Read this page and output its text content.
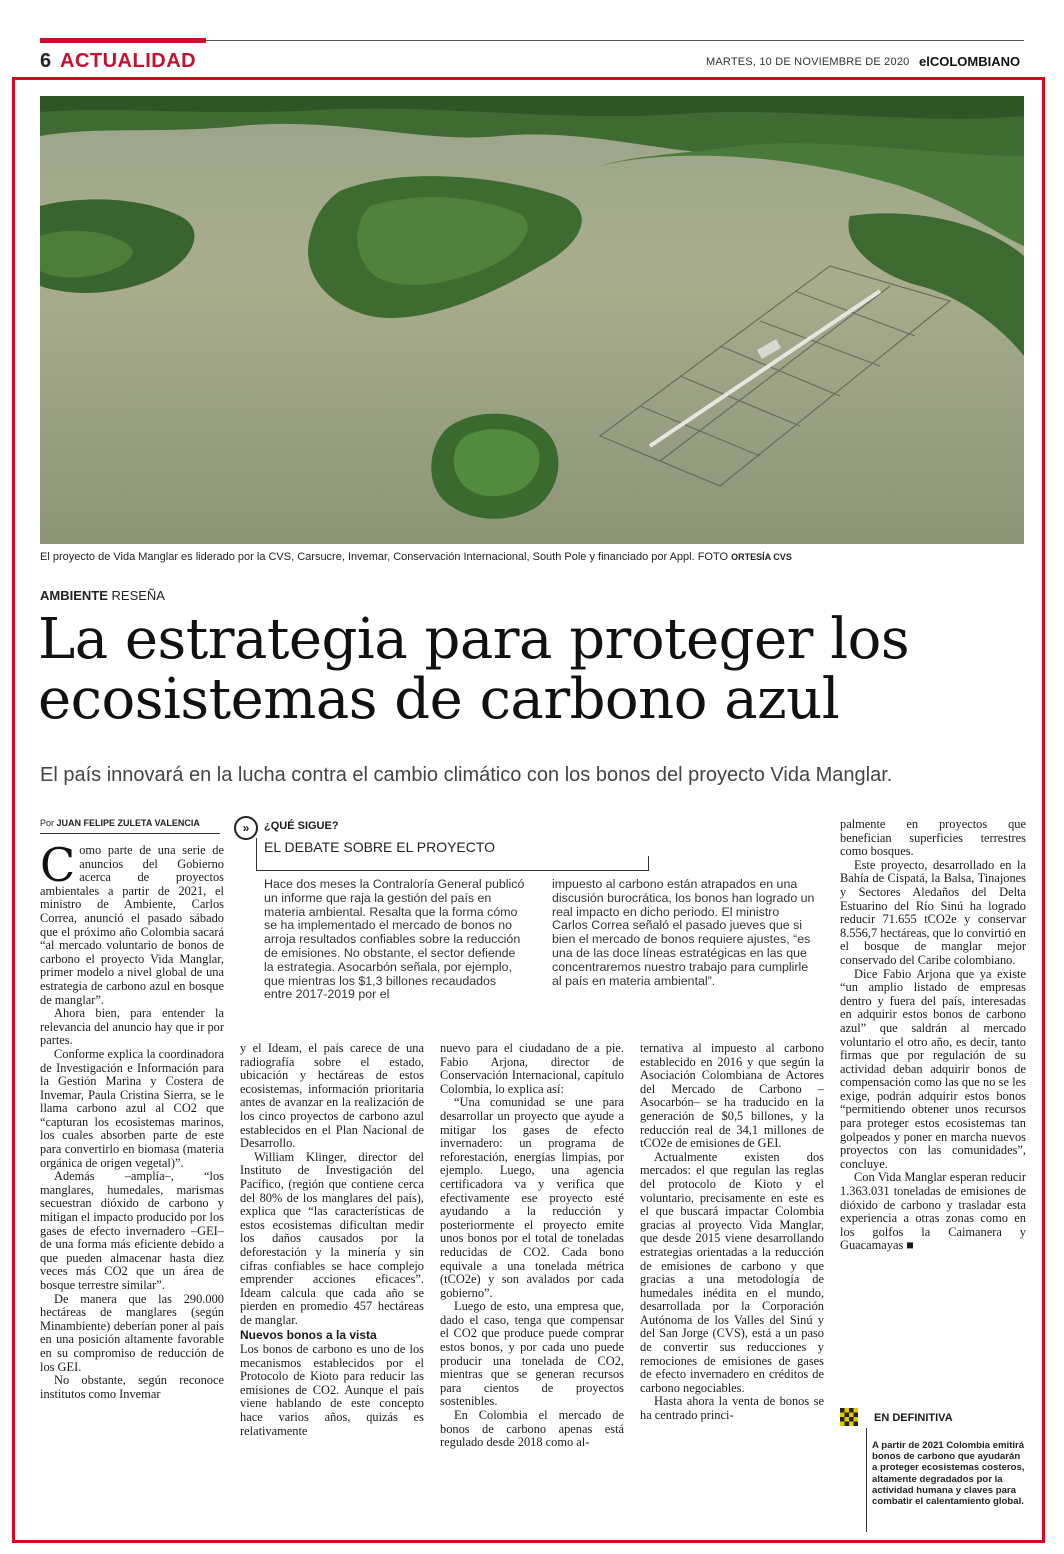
6 ACTUALIDAD	MARTES, 10 DE NOVIEMBRE DE 2020 elCOLOMBIANO
El proyecto de Vida Manglar es liderado por la CVS, Carsucre, Invemar, Conservación Internacional, South Pole y financiado por Appl. FOTO ORTESÍA CVS
AMBIENTE RESEÑA
La estrategia para proteger los ecosistemas de carbono azul
El país innovará en la lucha contra el cambio climático con los bonos del proyecto Vida Manglar.
Por JUAN FELIPE ZULETA VALENCIA

Como parte de una serie de anuncios del Gobierno acerca de proyectos ambientales a partir de 2021, el ministro de Ambiente, Carlos Correa, anunció el pasado sábado que el próximo año Colombia sacará “al mercado voluntario de bonos de carbono el proyecto Vida Manglar, primer modelo a nivel global de una estrategia de carbono azul en bosque de manglar”.

Ahora bien, para entender la relevancia del anuncio hay que ir por partes.

Conforme explica la coordinadora de Investigación e Información para la Gestión Marina y Costera de Invemar, Paula Cristina Sierra, se le llama carbono azul al CO2 que “capturan los ecosistemas marinos, los cuales absorben parte de este para convertirlo en biomasa (materia orgánica de origen vegetal)”.

Además –amplía–, “los manglares, humedales, marismas secuestran dióxido de carbono y mitigan el impacto producido por los gases de efecto invernadero –GEI– de una forma más eficiente debido a que pueden almacenar hasta diez veces más CO2 que un área de bosque terrestre similar”.

De manera que las 290.000 hectáreas de manglares (según Minambiente) deberían poner al país en una posición altamente favorable en su compromiso de reducción de los GEI.

No obstante, según reconoce institutos como Invemar

»	¿QUÉ SIGUE?
EL DEBATE SOBRE EL PROYECTO
Hace dos meses la Contraloría General publicó un informe que raja la gestión del país en materia ambiental. Resalta que la forma cómo se ha implementado el mercado de bonos no arroja resultados confiables sobre la reducción de emisiones. No obstante, el sector defiende la estrategia. Asocarbón señala, por ejemplo, que mientras los $1,3 billones recaudados entre 2017-2019 por el
impuesto al carbono están atrapados en una discusión burocrática, los bonos han logrado un real impacto en dicho periodo. El ministro Carlos Correa señaló el pasado jueves que si bien el mercado de bonos requiere ajustes, “es una de las doce líneas estratégicas en las que concentraremos nuestro trabajo para cumplirle al país en materia ambiental”.

y el Ideam, el país carece de una radiografía sobre el estado, ubicación y hectáreas de estos ecosistemas, información prioritaria antes de avanzar en la realización de los cinco proyectos de carbono azul establecidos en el Plan Nacional de Desarrollo.

William Klinger, director del Instituto de Investigación del Pacífico, (región que contiene cerca del 80% de los manglares del país), explica que “las características de estos ecosistemas dificultan medir los daños causados por la deforestación y la minería y sin cifras confiables se hace complejo emprender acciones eficaces”. Ideam calcula que cada año se pierden en promedio 457 hectáreas de manglar.

Nuevos bonos a la vista

Los bonos de carbono es uno de los mecanismos establecidos por el Protocolo de Kioto para reducir las emisiones de CO2. Aunque el país viene hablando de este concepto hace varios años, quizás es relativamente

nuevo para el ciudadano de a pie. Fabio Arjona, director de Conservación Internacional, capítulo Colombia, lo explica así:

“Una comunidad se une para desarrollar un proyecto que ayude a mitigar los gases de efecto invernadero: un programa de reforestación, energías limpias, por ejemplo. Luego, una agencia certificadora va y verifica que efectivamente ese proyecto esté ayudando a la reducción y posteriormente el proyecto emite unos bonos por el total de toneladas reducidas de CO2. Cada bono equivale a una tonelada métrica (tCO2e) y son avalados por cada gobierno”.

Luego de esto, una empresa que, dado el caso, tenga que compensar el CO2 que produce puede comprar estos bonos, y por cada uno puede producir una tonelada de CO2, mientras que se generan recursos para cientos de proyectos sostenibles.

En Colombia el mercado de bonos de carbono apenas está regulado desde 2018 como al-

ternativa al impuesto al carbono establecido en 2016 y que según la Asociación Colombiana de Actores del Mercado de Carbono –Asocarbón– se ha traducido en la generación de $0,5 billones, y la reducción real de 34,1 millones de tCO2e de emisiones de GEI.

Actualmente existen dos mercados: el que regulan las reglas del protocolo de Kioto y el voluntario, precisamente en este es el que buscará impactar Colombia gracias al proyecto Vida Manglar, que desde 2015 viene desarrollando estrategias orientadas a la reducción de emisiones de carbono y que gracias a una metodología de humedales inédita en el mundo, desarrollada por la Corporación Autónoma de los Valles del Sinú y del San Jorge (CVS), está a un paso de convertir sus reducciones y remociones de emisiones de gases de efecto invernadero en créditos de carbono negociables.

Hasta ahora la venta de bonos se ha centrado princi-

palmente en proyectos que benefician superficies terrestres como bosques.

Este proyecto, desarrollado en la Bahía de Cispatá, la Balsa, Tinajones y Sectores Aledaños del Delta Estuarino del Río Sinú ha logrado reducir 71.655 tCO2e y conservar 8.556,7 hectáreas, que lo convirtió en el bosque de manglar mejor conservado del Caribe colombiano.

Dice Fabio Arjona que ya existe “un amplio listado de empresas dentro y fuera del país, interesadas en adquirir estos bonos de carbono azul” que saldrán al mercado voluntario el otro año, es decir, tanto firmas que por regulación de su actividad deban adquirir bonos de compensación como las que no se les exige, podrán adquirir estos bonos “permitiendo obtener unos recursos para proteger estos ecosistemas tan golpeados y poner en marcha nuevos proyectos con las comunidades”, concluye.

Con Vida Manglar esperan reducir 1.363.031 toneladas de emisiones de dióxido de carbono y trasladar esta experiencia a otras zonas como en los golfos la Caimanera y Guacamayas ■

EN DEFINITIVA
A partir de 2021 Colombia emitirá bonos de carbono que ayudarán a proteger ecosistemas costeros, altamente degradados por la actividad humana y claves para combatir el calentamiento global.
